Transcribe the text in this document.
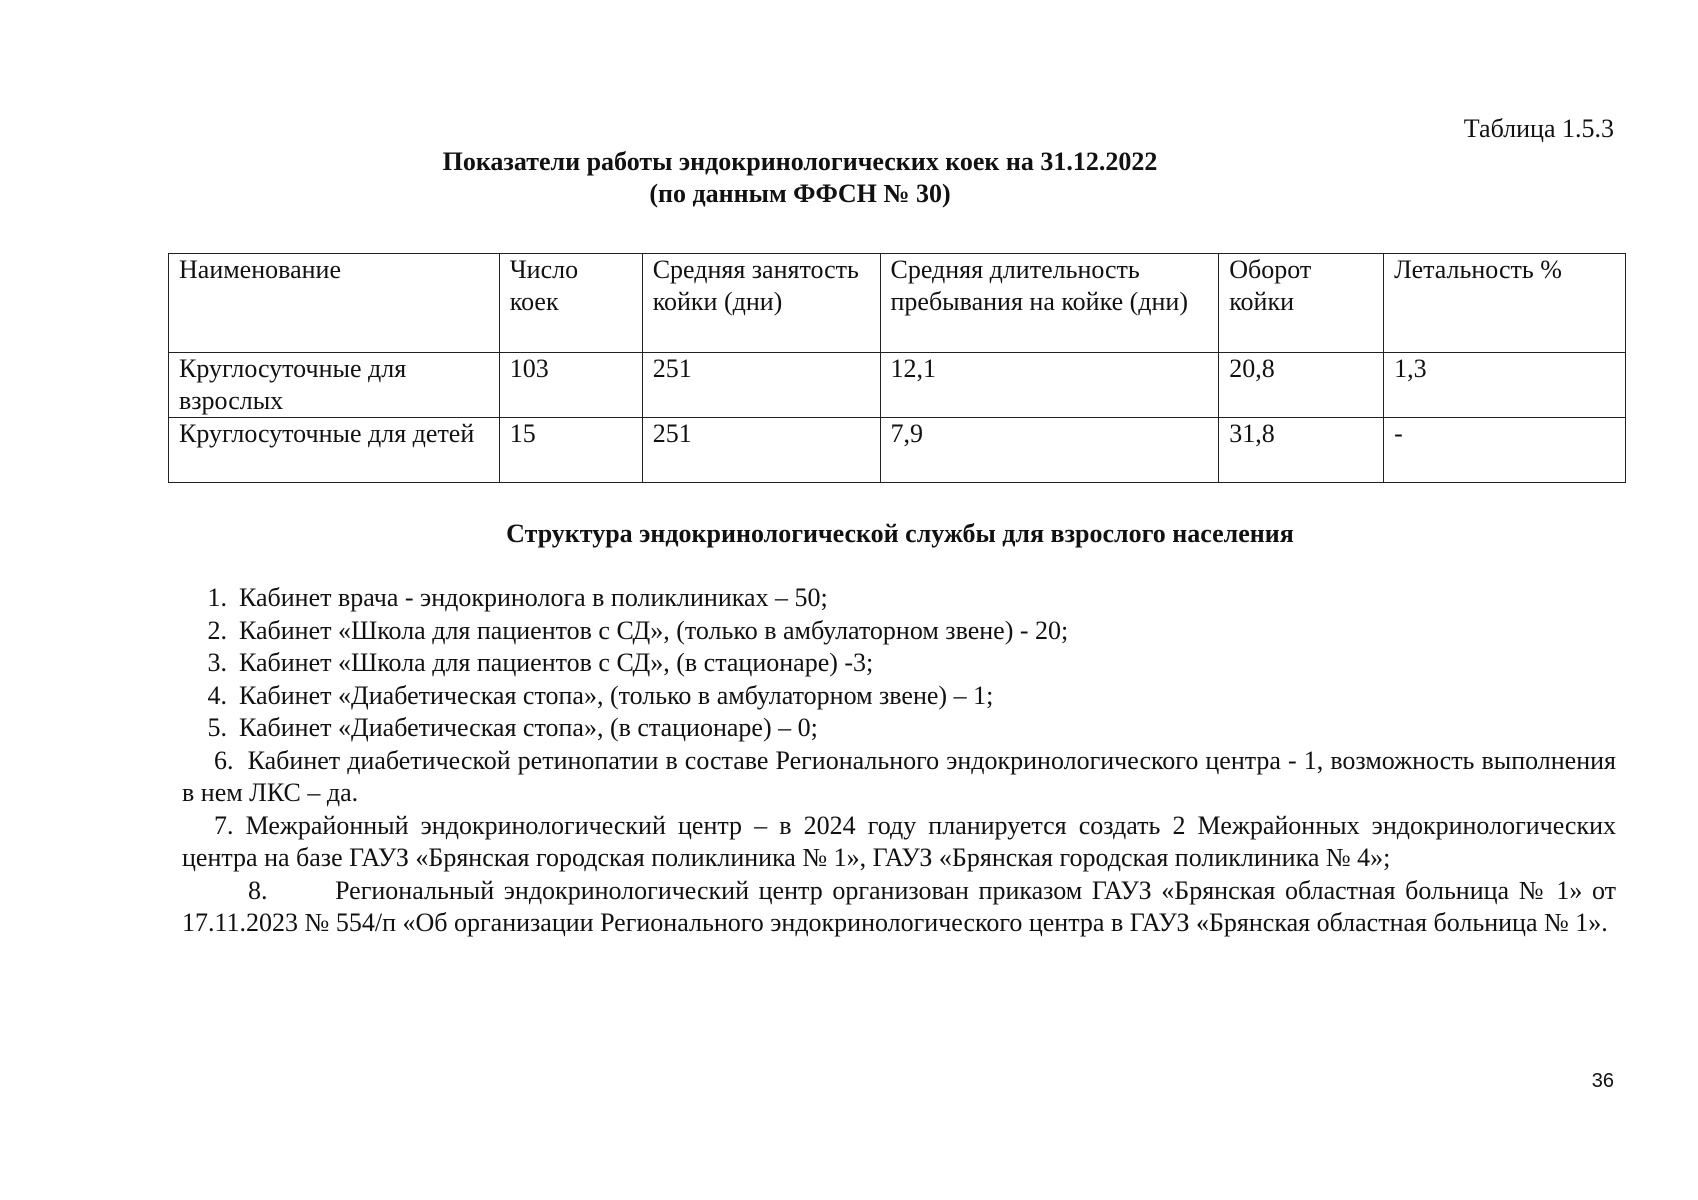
Таблица 1.5.3
Показатели работы эндокринологических коек на 31.12.2022
(по данным ФФСН № 30)
Наименование	Число коек	Средняя занятость койки (дни)	Средняя длительность пребывания на койке (дни)	Оборот койки	Летальность %
Круглосуточные для взрослых	103	251	12,1	20,8	1,3
Круглосуточные для детей	15	251	7,9	31,8	-
Структура эндокринологической службы для взрослого населения

1. Кабинет врача - эндокринолога в поликлиниках – 50;

2. Кабинет «Школа для пациентов с СД», (только в амбулаторном звене) - 20;

3. Кабинет «Школа для пациентов с СД», (в стационаре) -3;

4. Кабинет «Диабетическая стопа», (только в амбулаторном звене) – 1;

5. Кабинет «Диабетическая стопа», (в стационаре) – 0;

6. Кабинет диабетической ретинопатии в составе Регионального эндокринологического центра - 1, возможность выполнения в нем ЛКС – да.

7. Межрайонный эндокринологический центр – в 2024 году планируется создать 2 Межрайонных эндокринологических центра на базе ГАУЗ «Брянская городская поликлиника № 1», ГАУЗ «Брянская городская поликлиника № 4»;

8.	Региональный эндокринологический центр организован приказом ГАУЗ «Брянская областная больница № 1» от 17.11.2023 № 554/п «Об организации Регионального эндокринологического центра в ГАУЗ «Брянская областная больница № 1».

36
